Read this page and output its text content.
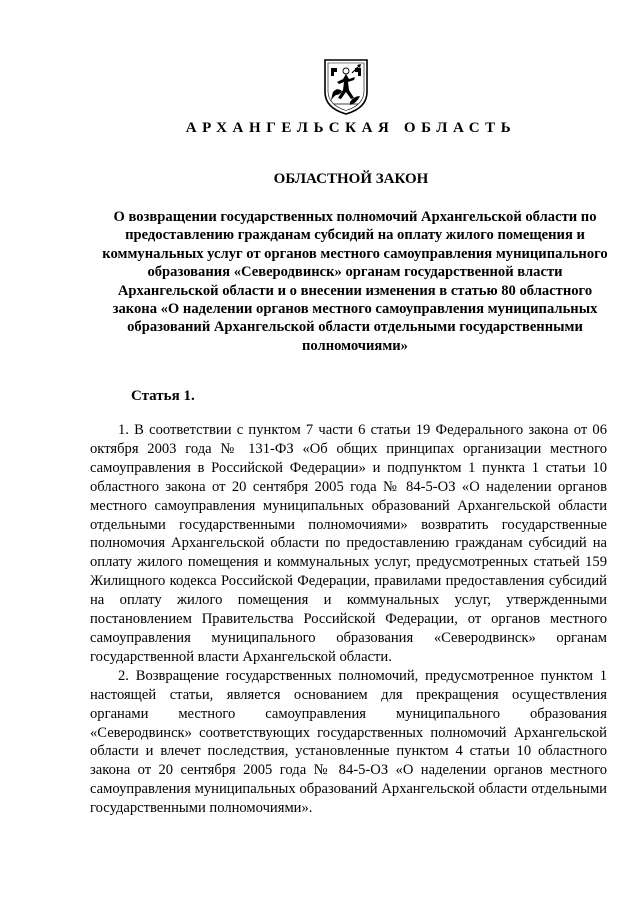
АРХАНГЕЛЬСКАЯ ОБЛАСТЬ
ОБЛАСТНОЙ ЗАКОН
О возвращении государственных полномочий Архангельской области по предоставлению гражданам субсидий на оплату жилого помещения и коммунальных услуг от органов местного самоуправления муниципального образования «Северодвинск» органам государственной власти Архангельской области и о внесении изменения в статью 80 областного закона «О наделении органов местного самоуправления муниципальных образований Архангельской области отдельными государственными полномочиями»
Статья 1.

1. В соответствии с пунктом 7 части 6 статьи 19 Федерального закона от 06 октября 2003 года № 131-ФЗ «Об общих принципах организации местного самоуправления в Российской Федерации» и подпунктом 1 пункта 1 статьи 10 областного закона от 20 сентября 2005 года № 84-5-ОЗ «О наделении органов местного самоуправления муниципальных образований Архангельской области отдельными государственными полномочиями» возвратить государственные полномочия Архангельской области по предоставлению гражданам субсидий на оплату жилого помещения и коммунальных услуг, предусмотренных статьей 159 Жилищного кодекса Российской Федерации, правилами предоставления субсидий на оплату жилого помещения и коммунальных услуг, утвержденными постановлением Правительства Российской Федерации, от органов местного самоуправления муниципального образования «Северодвинск» органам государственной власти Архангельской области.

2. Возвращение государственных полномочий, предусмотренное пунктом 1 настоящей статьи, является основанием для прекращения осуществления органами местного самоуправления муниципального образования «Северодвинск» соответствующих государственных полномочий Архангельской области и влечет последствия, установленные пунктом 4 статьи 10 областного закона от 20 сентября 2005 года № 84-5-ОЗ «О наделении органов местного самоуправления муниципальных образований Архангельской области отдельными государственными полномочиями».
